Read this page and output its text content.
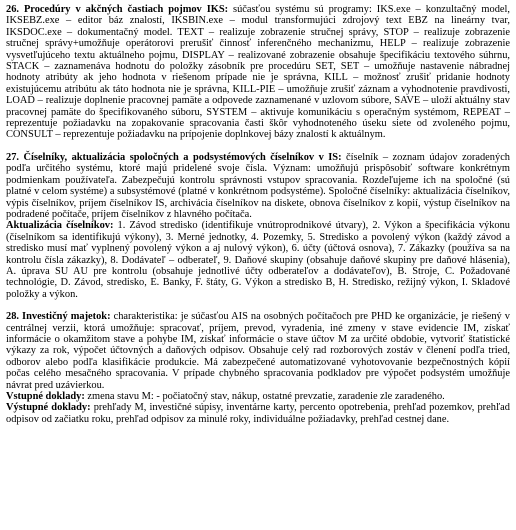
26. Procedúry v akčných častiach pojmov IKS: súčasťou systému sú programy: IKS.exe – konzultačný model, IKSEBZ.exe – editor báz znalostí, IKSBIN.exe – modul transformujúci zdrojový text EBZ na lineárny tvar, IKSDOC.exe – dokumentačný model. TEXT – realizuje zobrazenie stručnej správy, STOP – realizuje zobrazenie stručnej správy+umožňuje operátorovi prerušiť činnosť inferenčného mechanizmu, HELP – realizuje zobrazenie vysvetľujúceho textu aktuálneho pojmu, DISPLAY – realizované zobrazenie obsahuje špecifikáciu textového súhrnu, STACK – zaznamenáva hodnotu do položky zásobník pre procedúru SET, SET – umožňuje nastavenie nábradnej hodnoty atribúty ak jeho hodnota v riešenom prípade nie je správna, KILL – možnosť zrušiť pridanie hodnoty existujúcemu atribútu ak táto hodnota nie je správna, KILL-PIE – umožňuje zrušiť záznam a vyhodnotenie pravdivosti, LOAD – realizuje doplnenie pracovnej pamäte a odpovede zaznamenané v uzlovom súbore, SAVE – uloží aktuálny stav pracovnej pamäte do špecifikovaného súboru, SYSTEM – aktivuje komunikáciu s operačným systémom, REPEAT – reprezentuje požiadavku na zopakovanie spracovania časti škôr vyhodnoteného úseku siete od zvoleného pojmu, CONSULT – reprezentuje požiadavku na prípojenie doplnkovej bázy znalostí k aktuálnym.

27. Číselníky, aktualizácia spoločných a podsystémových číselníkov v IS: číselník – zoznam údajov zoradených podľa určitého systému, ktoré majú pridelené svoje čísla. Význam: umožňujú prispôsobiť software konkrétnym podmienkam používateľa. Zabezpečujú kontrolu správnosti vstupov spracovania. Rozdeľujeme ich na spoločné (sú platné v celom systéme) a subsystémové (platné v konkrétnom podsystéme). Spoločné číselníky: aktualizácia číselníkov, výpis číselníkov, príjem číselníkov IS, archivácia číselníkov na diskete, obnova číselníkov z kopií, výstup číselníkov na podradené počítače, príjem číselníkov z hlavného počítača.

Aktualizácia číselníkov: 1. Závod stredisko (identifikuje vnútroprodnikové útvary), 2. Výkon a špecifikácia výkonu (číselníkom sa identifikujú výkony), 3. Merné jednotky, 4. Pozemky, 5. Stredisko a povolený výkon (každý závod a stredisko musí mať vyplnený povolený výkon a aj nulový výkon), 6. účty (účtová osnova), 7. Zákazky (používa sa na kontrolu čísla zákazky), 8. Dodávateľ – odberateľ, 9. Daňové skupiny (obsahuje daňové skupiny pre daňové hlásenia), A. úprava SU AU pre kontrolu (obsahuje jednotlivé účty odberateľov a dodávateľov), B. Stroje, C. Požadované technológie, D. Závod, stredisko, E. Banky, F. štáty, G. Výkon a stredisko B, H. Stredisko, režijný výkon, I. Skladové položky a výkon.

28. Investičný majetok: charakteristika: je súčasťou AIS na osobných počítačoch pre PHD ke organizácie, je riešený v centrálnej verzii, ktorá umožňuje: spracovať, príjem, prevod, vyradenia, iné zmeny v stave evidencie IM, získať informácie o okamžitom stave a pohybe IM, získať informácie o stave účtov M za určité obdobie, vytvoriť štatistické výkazy za rok, výpočet účtovných a daňových odpisov. Obsahuje celý rad rozborových zostáv v členení podľa tried, odborov alebo podľa klasifikácie produkcie. Má zabezpečené automatizované vyhotovovanie bezpečnostných kópií počas celého mesačného spracovania. V prípade chybného spracovania podkladov pre výpočet podsystém umožňuje návrat pred uzávierkou.

Vstupné doklady: zmena stavu M: - počiatočný stav, nákup, ostatné prevzatie, zaradenie zle zaradeného.

Výstupné doklady: prehľady M, investičné súpisy, inventárne karty, percento opotrebenia, prehľad pozemkov, prehľad odpisov od začiatku roku, prehľad odpisov za minulé roky, individuálne požiadavky, prehľad cestnej dane.
